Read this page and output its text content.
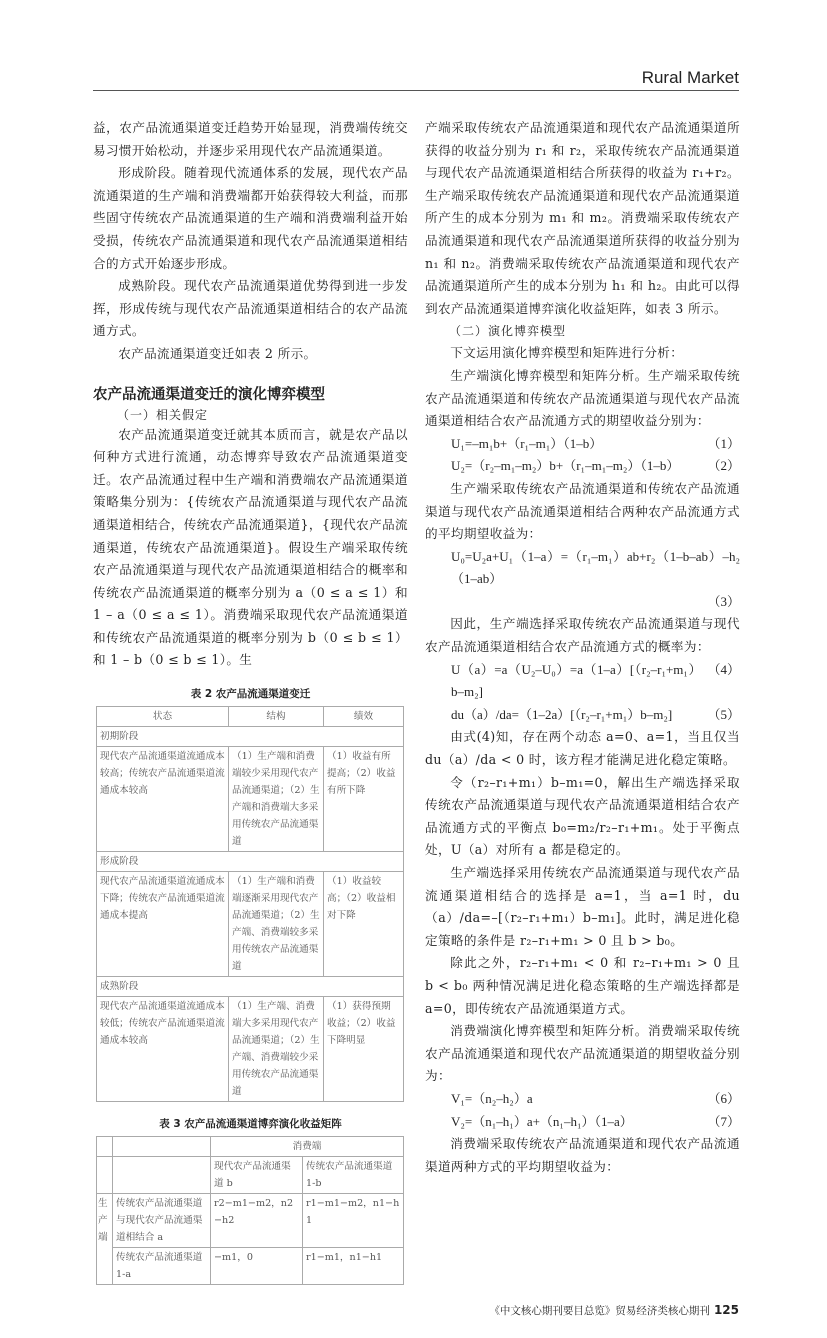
Rural Market

益，农产品流通渠道变迁趋势开始显现，消费端传统交易习惯开始松动，并逐步采用现代农产品流通渠道。

形成阶段。随着现代流通体系的发展，现代农产品流通渠道的生产端和消费端都开始获得较大利益，而那些固守传统农产品流通渠道的生产端和消费端利益开始受损，传统农产品流通渠道和现代农产品流通渠道相结合的方式开始逐步形成。

成熟阶段。现代农产品流通渠道优势得到进一步发挥，形成传统与现代农产品流通渠道相结合的农产品流通方式。

农产品流通渠道变迁如表 2 所示。

农产品流通渠道变迁的演化博弈模型
（一）相关假定

农产品流通渠道变迁就其本质而言，就是农产品以何种方式进行流通，动态博弈导致农产品流通渠道变迁。农产品流通过程中生产端和消费端农产品流通渠道策略集分别为：{传统农产品流通渠道与现代农产品流通渠道相结合，传统农产品流通渠道}，{现代农产品流通渠道，传统农产品流通渠道}。假设生产端采取传统农产品流通渠道与现代农产品流通渠道相结合的概率和传统农产品流通渠道的概率分别为 a（0 ≤ a ≤ 1）和 1 – a（0 ≤ a ≤ 1）。消费端采取现代农产品流通渠道和传统农产品流通渠道的概率分别为 b（0 ≤ b ≤ 1）和 1 – b（0 ≤ b ≤ 1）。生

表 2 农产品流通渠道变迁
状态	结构	绩效
初期阶段		
现代农产品流通渠道流通成本较高；传统农产品流通渠道流通成本较高	（1）生产端和消费端较少采用现代农产品流通渠道；（2）生产端和消费端大多采用传统农产品流通渠道	（1）收益有所提高；（2）收益有所下降
形成阶段		
现代农产品流通渠道流通成本下降；传统农产品流通渠道流通成本提高	（1）生产端和消费端逐渐采用现代农产品流通渠道；（2）生产端、消费端较多采用传统农产品流通渠道	（1）收益较高；（2）收益相对下降
成熟阶段		
现代农产品流通渠道流通成本较低；传统农产品流通渠道流通成本较高	（1）生产端、消费端大多采用现代农产品流通渠道；（2）生产端、消费端较少采用传统农产品流通渠道	（1）获得预期收益；（2）收益下降明显
表 3 农产品流通渠道博弈演化收益矩阵
		消费端	
		现代农产品流通渠道 b	传统农产品流通渠道 1-b
生
产
端	传统农产品流通渠道与现代农产品流通渠道相结合 a	r2−m1−m2，n2−h2	r1−m1−m2，n1−h1
	传统农产品流通渠道 1-a	−m1，0	r1−m1，n1−h1

产端采取传统农产品流通渠道和现代农产品流通渠道所获得的收益分别为 r₁ 和 r₂，采取传统农产品流通渠道与现代农产品流通渠道相结合所获得的收益为 r₁+r₂。生产端采取传统农产品流通渠道和现代农产品流通渠道所产生的成本分别为 m₁ 和 m₂。消费端采取传统农产品流通渠道和现代农产品流通渠道所获得的收益分别为 n₁ 和 n₂。消费端采取传统农产品流通渠道和现代农产品流通渠道所产生的成本分别为 h₁ 和 h₂。由此可以得到农产品流通渠道博弈演化收益矩阵，如表 3 所示。

（二）演化博弈模型

下文运用演化博弈模型和矩阵进行分析：

生产端演化博弈模型和矩阵分析。生产端采取传统农产品流通渠道和传统农产品流通渠道与现代农产品流通渠道相结合农产品流通方式的期望收益分别为：

U₁=–m₁b+（r₁–m₁）（1–b）	（1）
U₂=（r₂–m₁–m₂）b+（r₁–m₁–m₂）（1–b） （2）

生产端采取传统农产品流通渠道和传统农产品流通渠道与现代农产品流通渠道相结合两种农产品流通方式的平均期望收益为：

U₀=U₂a+U₁（1–a）=（r₁–m₁）ab+r₂（1–b–ab）–h₂（1–ab）
（3）

因此，生产端选择采取传统农产品流通渠道与现代农产品流通渠道相结合农产品流通方式的概率为：

U（a）=a（U₂–U₀）=a（1–a）[（r₂–r₁+m₁）b–m₂]
（4）
du（a）/da=（1–2a）[（r₂–r₁+m₁）b–m₂]	（5）

由式(4)知，存在两个动态 a=0、a=1，当且仅当 du（a）/da < 0 时，该方程才能满足进化稳定策略。

令（r₂–r₁+m₁）b–m₁=0，解出生产端选择采取传统农产品流通渠道与现代农产品流通渠道相结合农产品流通方式的平衡点 b₀=m₂/r₂–r₁+m₁。处于平衡点处，U（a）对所有 a 都是稳定的。

生产端选择采用传统农产品流通渠道与现代农产品流通渠道相结合的选择是 a=1，当 a=1 时，du（a）/da=–[（r₂–r₁+m₁）b–m₁]。此时，满足进化稳定策略的条件是 r₂–r₁+m₁ > 0 且 b > b₀。

除此之外，r₂–r₁+m₁ < 0 和 r₂–r₁+m₁ > 0 且 b < b₀ 两种情况满足进化稳态策略的生产端选择都是 a=0，即传统农产品流通渠道方式。

消费端演化博弈模型和矩阵分析。消费端采取传统农产品流通渠道和现代农产品流通渠道的期望收益分别为：

V₁=（n₂–h₂）a	（6）
V₂=（n₁–h₁）a+（n₁–h₁）（1–a）	（7）

消费端采取传统农产品流通渠道和现代农产品流通渠道两种方式的平均期望收益为：

《中文核心期刊要目总览》贸易经济类核心期刊 125
